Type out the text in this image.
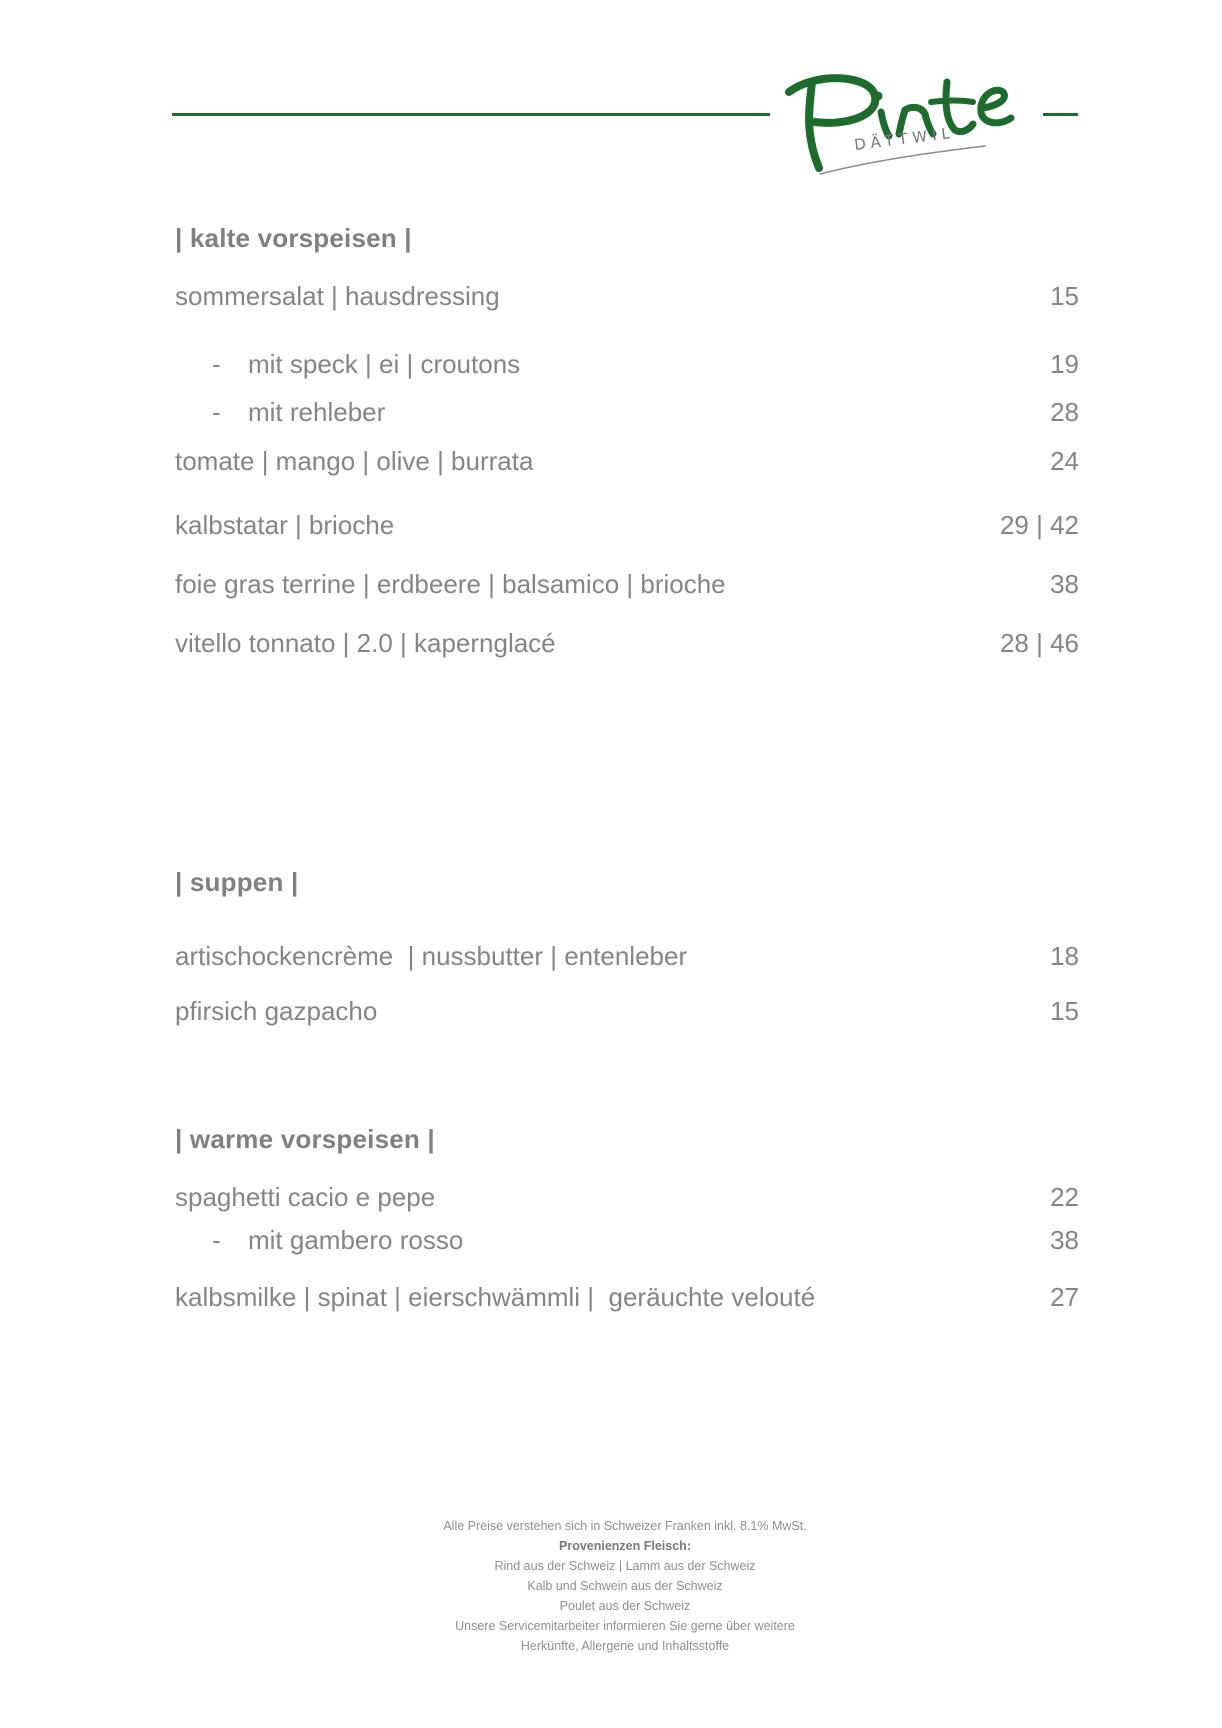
DÄTTWIL
| kalte vorspeisen |
sommersalat | hausdressing	15
- mit speck | ei | croutons	19
- mit rehleber	28
tomate | mango | olive | burrata	24
kalbstatar | brioche	29 | 42
foie gras terrine | erdbeere | balsamico | brioche	38
vitello tonnato | 2.0 | kapernglacé	28 | 46
| suppen |
artischockencrème  | nussbutter | entenleber	18
pfirsich gazpacho	15
| warme vorspeisen |
spaghetti cacio e pepe	22
- mit gambero rosso	38
kalbsmilke | spinat | eierschwämmli |  geräuchte velouté	27
Alle Preise verstehen sich in Schweizer Franken inkl. 8.1% MwSt.
Provenienzen Fleisch:
Rind aus der Schweiz | Lamm aus der Schweiz
Kalb und Schwein aus der Schweiz
Poulet aus der Schweiz
Unsere Servicemitarbeiter informieren Sie gerne über weitere
Herkünfte, Allergene und Inhaltsstoffe
